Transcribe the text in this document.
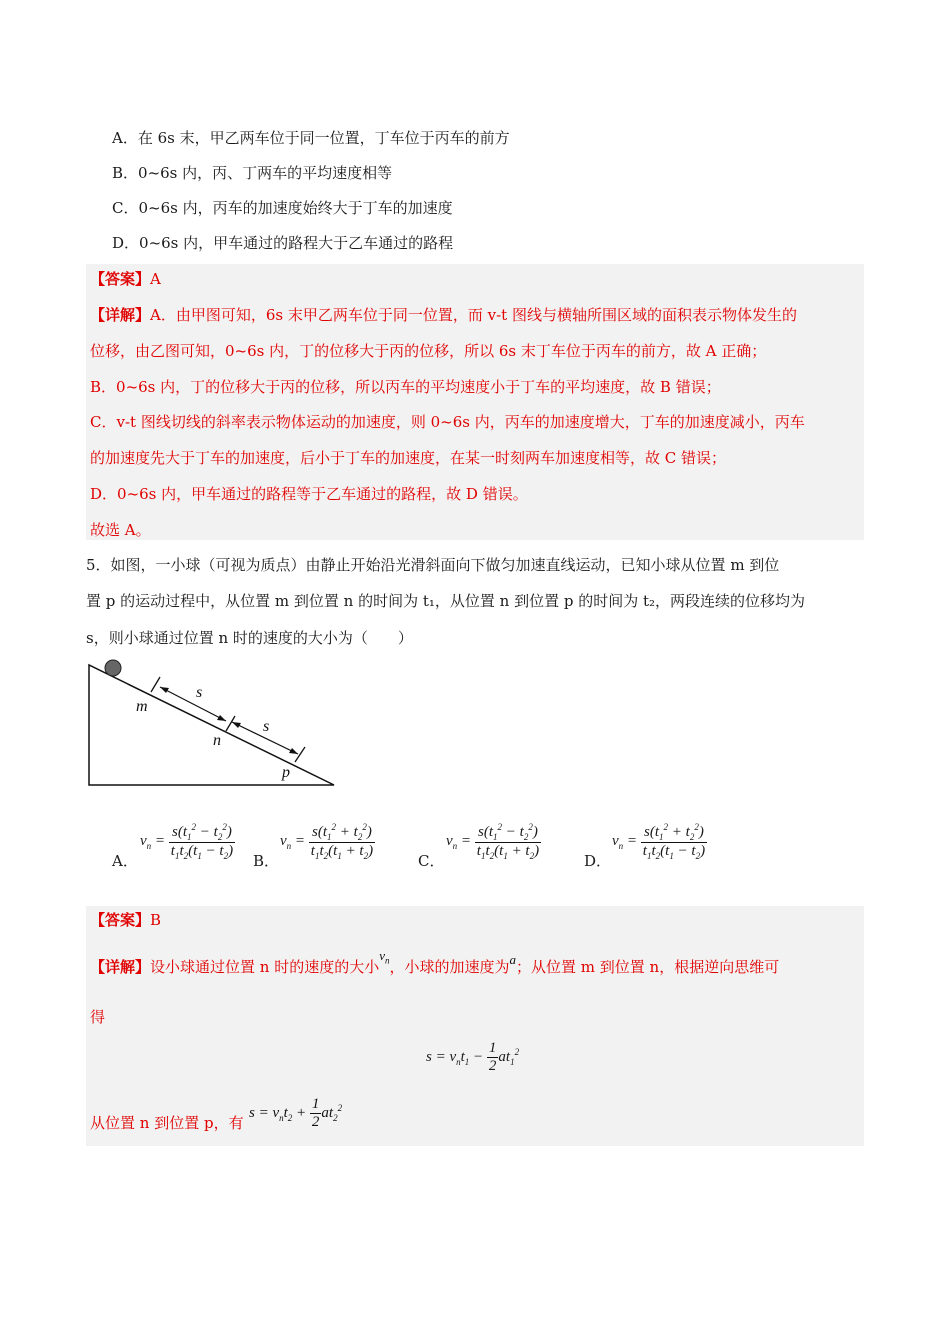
A．在 6s 末，甲乙两车位于同一位置，丁车位于丙车的前方
B．0~6s 内，丙、丁两车的平均速度相等
C．0~6s 内，丙车的加速度始终大于丁车的加速度
D．0~6s 内，甲车通过的路程大于乙车通过的路程
【答案】A
【详解】A．由甲图可知，6s 末甲乙两车位于同一位置，而 v-t 图线与横轴所围区域的面积表示物体发生的
位移，由乙图可知，0~6s 内，丁的位移大于丙的位移，所以 6s 末丁车位于丙车的前方，故 A 正确；
B．0~6s 内，丁的位移大于丙的位移，所以丙车的平均速度小于丁车的平均速度，故 B 错误；
C．v-t 图线切线的斜率表示物体运动的加速度，则 0~6s 内，丙车的加速度增大，丁车的加速度减小，丙车
的加速度先大于丁车的加速度，后小于丁车的加速度，在某一时刻两车加速度相等，故 C 错误；
D．0~6s 内，甲车通过的路程等于乙车通过的路程，故 D 错误。
故选 A。
5．如图，一小球（可视为质点）由静止开始沿光滑斜面向下做匀加速直线运动，已知小球从位置 m 到位
置 p 的运动过程中，从位置 m 到位置 n 的时间为 t₁，从位置 n 到位置 p 的时间为 t₂，两段连续的位移均为
s，则小球通过位置 n 时的速度的大小为（　　）
m
s
n
s
p
A．
$v_n = \frac{s(t_1^2 - t_2^2)}{t_1t_2(t_1 - t_2)}$ B．
$v_n = \frac{s(t_1^2 + t_2^2)}{t_1t_2(t_1 + t_2)}$	C．
$v_n = \frac{s(t_1^2 - t_2^2)}{t_1t_2(t_1 + t_2)}$	D．
$v_n = \frac{s(t_1^2 + t_2^2)}{t_1t_2(t_1 - t_2)}$
【答案】B
【详解】设小球通过位置 n 时的速度的大小$v_n$，小球的加速度为a；从位置 m 到位置 n，根据逆向思维可
得
$s = v_nt_1 - \frac{1}{2} at_1^2$
从位置 n 到位置 p，有
$s = v_nt_2 + \frac{1}{2} at_2^2$
